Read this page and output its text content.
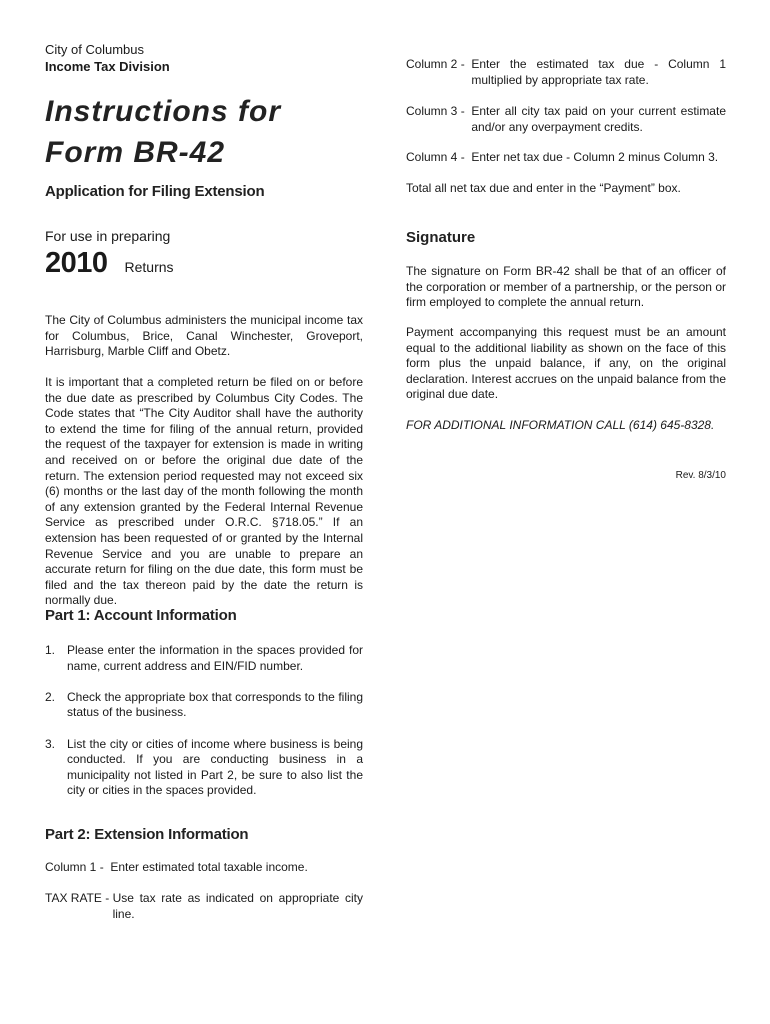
City of Columbus
Income Tax Division
Instructions for
Form BR-42
Application for Filing Extension
For use in preparing
2010 Returns

The City of Columbus administers the municipal income tax for Columbus, Brice, Canal Winchester, Groveport, Harrisburg, Marble Cliff and Obetz.

It is important that a completed return be filed on or before the due date as prescribed by Columbus City Codes. The Code states that “The City Auditor shall have the authority to extend the time for filing of the annual return, provided the request of the taxpayer for extension is made in writing and received on or before the original due date of the return. The extension period requested may not exceed six (6) months or the last day of the month following the month of any extension granted by the Federal Internal Revenue Service as prescribed under O.R.C. §718.05.” If an extension has been requested of or granted by the Internal Revenue Service and you are unable to prepare an accurate return for filing on the due date, this form must be filed and the tax thereon paid by the date the return is normally due.

Part 1: Account Information
1. Please enter the information in the spaces provided for name, current address and EIN/FID number.

2. Check the appropriate box that corresponds to the filing status of the business.

3. List the city or cities of income where business is being conducted. If you are conducting business in a municipality not listed in Part 2, be sure to also list the city or cities in the spaces provided.

Part 2: Extension Information
Column 1 - Enter estimated total taxable income.
TAX RATE - Use tax rate as indicated on appropriate city line.
Column 2 - Enter the estimated tax due - Column 1 multiplied by appropriate tax rate.
Column 3 - Enter all city tax paid on your current estimate and/or any overpayment credits.
Column 4 - Enter net tax due - Column 2 minus Column 3.

Total all net tax due and enter in the “Payment” box.

Signature

The signature on Form BR-42 shall be that of an officer of the corporation or member of a partnership, or the person or firm employed to complete the annual return.

Payment accompanying this request must be an amount equal to the additional liability as shown on the face of this form plus the unpaid balance, if any, on the original declaration. Interest accrues on the unpaid balance from the original due date.

FOR ADDITIONAL INFORMATION CALL (614) 645-8328.
Rev. 8/3/10
